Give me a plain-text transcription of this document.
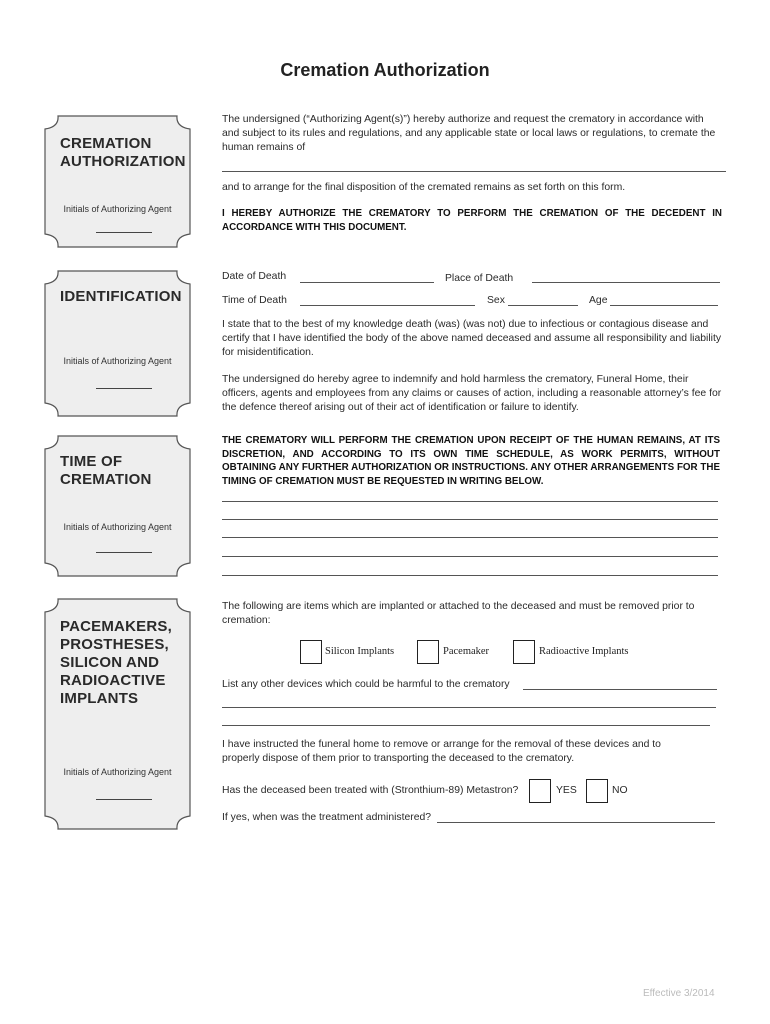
Cremation Authorization
CREMATION
AUTHORIZATION
Initials of Authorizing Agent
IDENTIFICATION
Initials of Authorizing Agent
TIME OF
CREMATION
Initials of Authorizing Agent
PACEMAKERS,
PROSTHESES,
SILICON AND
RADIOACTIVE
IMPLANTS
Initials of Authorizing Agent
The undersigned (“Authorizing Agent(s)”) hereby authorize and request the crematory in accordance with and subject to its rules and regulations, and any applicable state or local laws or regulations, to cremate the human remains of
and to arrange for the final disposition of the cremated remains as set forth on this form.
I HEREBY AUTHORIZE THE CREMATORY TO PERFORM THE CREMATION OF THE DECEDENT IN ACCORDANCE WITH THIS DOCUMENT.
Date of Death	Place of Death
Time of Death	Sex	Age
I state that to the best of my knowledge death (was) (was not) due to infectious or contagious disease and certify that I have identified the body of the above named deceased and assume all responsibility and liability for misidentification.
The undersigned do hereby agree to indemnify and hold harmless the crematory, Funeral Home, their officers, agents and employees from any claims or causes of action, including a reasonable attorney’s fee for the defence thereof arising out of their act of identification or failure to identify.
THE CREMATORY WILL PERFORM THE CREMATION UPON RECEIPT OF THE HUMAN REMAINS, AT ITS DISCRETION, AND ACCORDING TO ITS OWN TIME SCHEDULE, AS WORK PERMITS, WITHOUT OBTAINING ANY FURTHER AUTHORIZATION OR INSTRUCTIONS. ANY OTHER ARRANGEMENTS FOR THE TIMING OF CREMATION MUST BE REQUESTED IN WRITING BELOW.
The following are items which are implanted or attached to the deceased and must be removed prior to cremation:
Silicon Implants	Pacemaker	Radioactive Implants
List any other devices which could be harmful to the crematory
I have instructed the funeral home to remove or arrange for the removal of these devices and to properly dispose of them prior to transporting the deceased to the crematory.
Has the deceased been treated with (Stronthium-89) Metastron?	YES	NO
If yes, when was the treatment administered?
Effective 3/2014
